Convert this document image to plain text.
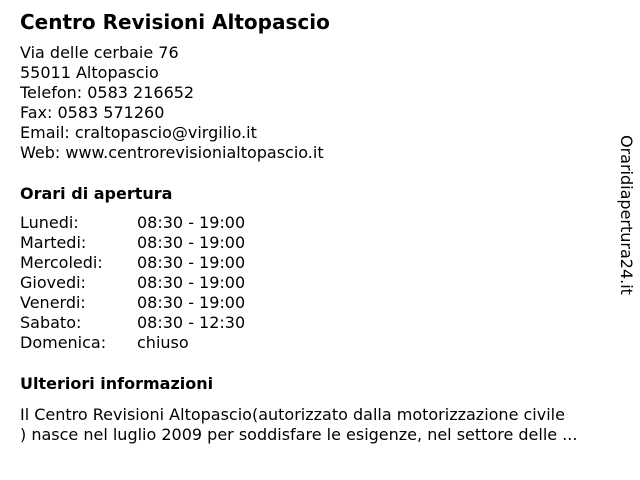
Centro Revisioni Altopascio
Via delle cerbaie 76
55011 Altopascio
Telefon: 0583 216652
Fax: 0583 571260
Email: craltopascio@virgilio.it
Web: www.centrorevisionialtopascio.it
Orari di apertura
Lunedi:	08:30 - 19:00
Martedi:	08:30 - 19:00
Mercoledi: 08:30 - 19:00
Giovedi:	08:30 - 19:00
Venerdi:	08:30 - 19:00
Sabato:	08:30 - 12:30
Domenica: chiuso
Ulteriori informazioni
Il Centro Revisioni Altopascio(autorizzato dalla motorizzazione civile
) nasce nel luglio 2009 per soddisfare le esigenze, nel settore delle ...
Oraridiapertura24.it
